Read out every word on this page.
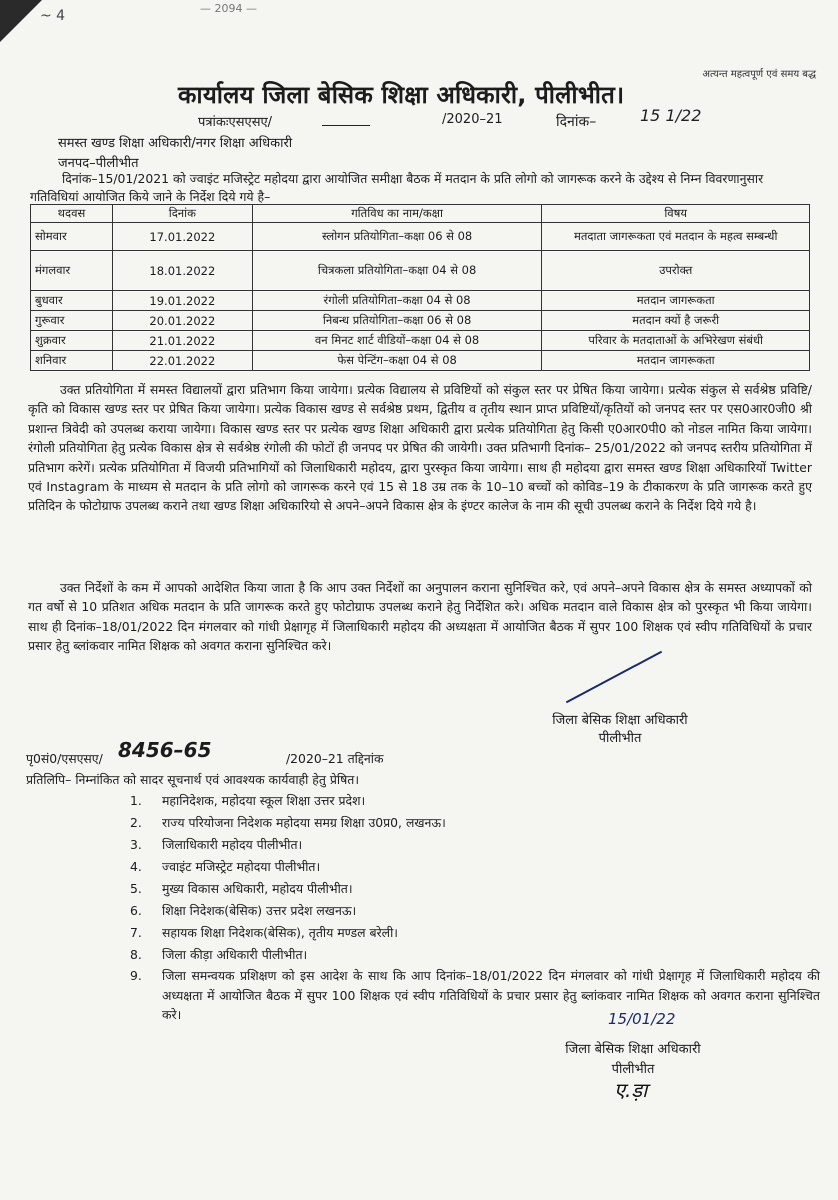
~ 4	— 2094 —
अत्यन्त महत्वपूर्ण एवं समय बद्ध
कार्यालय जिला बेसिक शिक्षा अधिकारी, पीलीभीत।
पत्रांकःएसएसए/	/2020–21	दिनांक–	15 1/22
समस्त खण्ड शिक्षा अधिकारी/नगर शिक्षा अधिकारी
जनपद–पीलीभीत
दिनांक–15/01/2021 को ज्वाइंट मजिस्ट्रेट महोदया द्वारा आयोजित समीक्षा बैठक में मतदान के प्रति लोगो को जागरूक करने के उद्देश्य से निम्न विवरणानुसार गतिविधियां आयोजित किये जाने के निर्देश दिये गये है–
थदवस	दिनांक	गतिविध का नाम/कक्षा	विषय
सोमवार	17.01.2022	स्लोगन प्रतियोगिता–कक्षा 06 से 08	मतदाता जागरूकता एवं मतदान के महत्व सम्बन्धी
मंगलवार	18.01.2022	चित्रकला प्रतियोगिता–कक्षा 04 से 08	उपरोक्त
बुधवार	19.01.2022	रंगोली प्रतियोगिता–कक्षा 04 से 08	मतदान जागरूकता
गुरूवार	20.01.2022	निबन्ध प्रतियोगिता–कक्षा 06 से 08	मतदान क्यों है जरूरी
शुक्रवार	21.01.2022	वन मिनट शार्ट वीडियों–कक्षा 04 से 08	परिवार के मतदाताओं के अभिरेखण संबंधी
शनिवार	22.01.2022	फेस पेन्टिंग–कक्षा 04 से 08	मतदान जागरूकता
उक्त प्रतियोगिता में समस्त विद्यालयों द्वारा प्रतिभाग किया जायेगा। प्रत्येक विद्यालय से प्रविष्टियों को संकुल स्तर पर प्रेषित किया जायेगा। प्रत्येक संकुल से सर्वश्रेष्ठ प्रविष्टि/कृति को विकास खण्ड स्तर पर प्रेषित किया जायेगा। प्रत्येक विकास खण्ड से सर्वश्रेष्ठ प्रथम, द्वितीय व तृतीय स्थान प्राप्त प्रविष्टियों/कृतियों को जनपद स्तर पर एस0आर0जी0 श्री प्रशान्त त्रिवेदी को उपलब्ध कराया जायेगा। विकास खण्ड स्तर पर प्रत्येक खण्ड शिक्षा अधिकारी द्वारा प्रत्येक प्रतियोगिता हेतु किसी ए0आर0पी0 को नोडल नामित किया जायेगा। रंगोली प्रतियोगिता हेतु प्रत्येक विकास क्षेत्र से सर्वश्रेष्ठ रंगोली की फोटों ही जनपद पर प्रेषित की जायेगी। उक्त प्रतिभागी दिनांक– 25/01/2022 को जनपद स्तरीय प्रतियोगिता में प्रतिभाग करेगें। प्रत्येक प्रतियोगिता में विजयी प्रतिभागियों को जिलाधिकारी महोदय, द्वारा पुरस्कृत किया जायेगा। साथ ही महोदया द्वारा समस्त खण्ड शिक्षा अधिकारियों Twitter एवं Instagram के माध्यम से मतदान के प्रति लोगो को जागरूक करने एवं 15 से 18 उम्र तक के 10–10 बच्चों को कोविड–19 के टीकाकरण के प्रति जागरूक करते हुए प्रतिदिन के फोटोग्राफ उपलब्ध कराने तथा खण्ड शिक्षा अधिकारियो से अपने–अपने विकास क्षेत्र के इंण्टर कालेज के नाम की सूची उपलब्ध कराने के निर्देश दिये गये है।
उक्त निर्देशों के कम में आपको आदेशित किया जाता है कि आप उक्त निर्देशों का अनुपालन कराना सुनिश्चित करे, एवं अपने–अपने विकास क्षेत्र के समस्त अध्यापकों को गत वर्षो से 10 प्रतिशत अधिक मतदान के प्रति जागरूक करते हुए फोटोग्राफ उपलब्ध कराने हेतु निर्देशित करे। अधिक मतदान वाले विकास क्षेत्र को पुरस्कृत भी किया जायेगा। साथ ही दिनांक–18/01/2022 दिन मंगलवार को गांधी प्रेक्षागृह में जिलाधिकारी महोदय की अध्यक्षता में आयोजित बैठक में सुपर 100 शिक्षक एवं स्वीप गतिविधियों के प्रचार प्रसार हेतु ब्लांकवार नामित शिक्षक को अवगत कराना सुनिश्चित करे।
जिला बेसिक शिक्षा अधिकारी
पीलीभीत
पृ0सं0/एसएसए/ 8456–65	/2020–21 तद्दिनांक
प्रतिलिपि– निम्नांकित को सादर सूचनार्थ एवं आवश्यक कार्यवाही हेतु प्रेषित।
1. महानिदेशक, महोदया स्कूल शिक्षा उत्तर प्रदेश।
2. राज्य परियोजना निदेशक महोदया समग्र शिक्षा उ0प्र0, लखनऊ।
3. जिलाधिकारी महोदय पीलीभीत।
4. ज्वाइंट मजिस्ट्रेट महोदया पीलीभीत।
5. मुख्य विकास अधिकारी, महोदय पीलीभीत।
6. शिक्षा निदेशक(बेसिक) उत्तर प्रदेश लखनऊ।
7. सहायक शिक्षा निदेशक(बेसिक), तृतीय मण्डल बरेली।
8. जिला कीड़ा अधिकारी पीलीभीत।
9. जिला समन्वयक प्रशिक्षण को इस आदेश के साथ कि आप दिनांक–18/01/2022 दिन मंगलवार को गांधी प्रेक्षागृह में जिलाधिकारी महोदय की अध्यक्षता में आयोजित बैठक में सुपर 100 शिक्षक एवं स्वीप गतिविधियों के प्रचार प्रसार हेतु ब्लांकवार नामित शिक्षक को अवगत कराना सुनिश्चित करे।	15/01/22
जिला बेसिक शिक्षा अधिकारी
पीलीभीत
ए.ड़ा
